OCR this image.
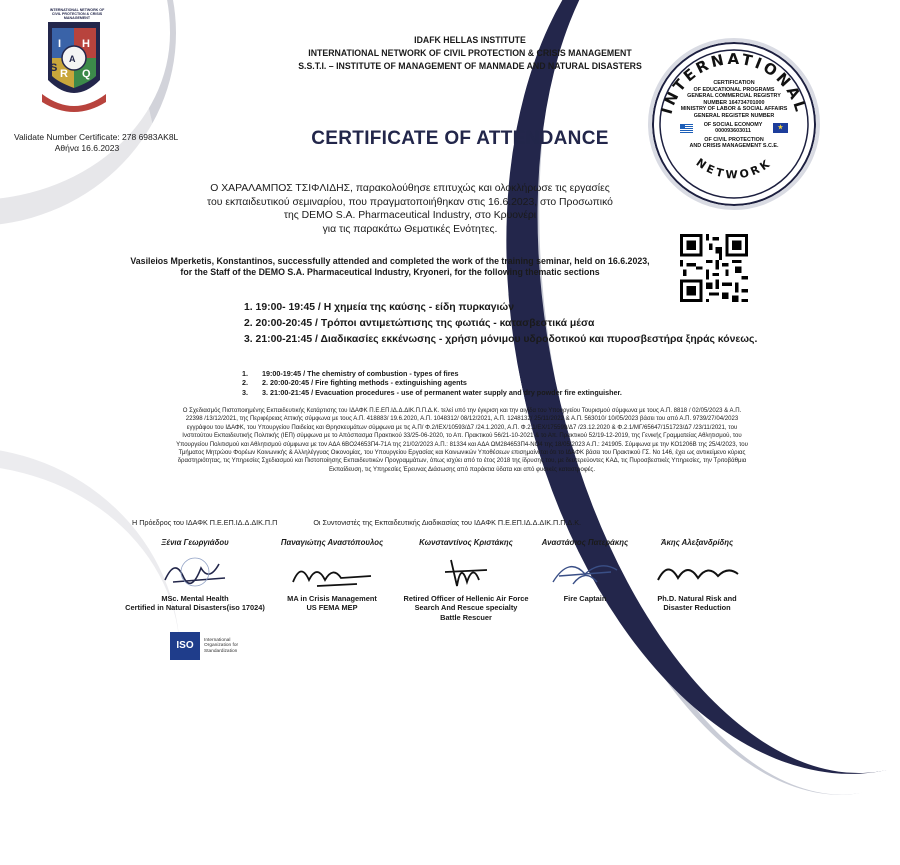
I H
S
A
R Q
INTERNATIONAL NETWORK OF CIVIL PROTECTION & CRISIS MANAGEMENT
Validate Number Certificate: 278 6983AK8L
Αθήνα 16.6.2023
IDAFK HELLAS INSTITUTE
INTERNATIONAL NETWORK OF CIVIL PROTECTION & CRISIS MANAGEMENT
S.S.T.I. – INSTITUTE OF MANAGEMENT OF MANMADE AND NATURAL DISASTERS
CERTIFICATE OF ATTENDANCE
INTERNATIONAL
NETWORK
CERTIFICATION
OF EDUCATIONAL PROGRAMS
GENERAL COMMERCIAL REGISTRY
NUMBER 164734701000
MINISTRY OF LABOR & SOCIAL AFFAIRS
GENERAL REGISTER NUMBER
OF SOCIAL ECONOMY
000093603011	★
OF CIVIL PROTECTION
AND CRISIS MANAGEMENT S.C.E.
Ο ΧΑΡΑΛΑΜΠΟΣ ΤΣΙΦΛΙΔΗΣ, παρακολούθησε επιτυχώς και ολοκλήρωσε τις εργασίες
του εκπαιδευτικού σεμιναρίου, που πραγματοποιήθηκαν στις 16.6.2023, στο Προσωπικό
της DEMO S.A. Pharmaceutical Industry, στο Κρυονέρι
για τις παρακάτω Θεματικές Ενότητες.
Vasileios Mperketis, Konstantinos, successfully attended and completed the work of the training seminar, held on 16.6.2023,
for the Staff of the DEMO S.A. Pharmaceutical Industry, Kryoneri, for the following thematic sections
1. 19:00- 19:45 / Η χημεία της καύσης - είδη πυρκαγιών
2. 20:00-20:45 / Τρόποι αντιμετώπισης της φωτιάς - κατασβεστικά μέσα
3. 21:00-21:45 / Διαδικασίες εκκένωσης - χρήση μόνιμου υδροδοτικού και πυροσβεστήρα ξηράς κόνεως.
1. 19:00-19:45 / The chemistry of combustion - types of fires
2. 2. 20:00-20:45 / Fire fighting methods - extinguishing agents
3. 3. 21:00-21:45 / Evacuation procedures - use of permanent water supply and dry powder fire extinguisher.
Ο Σχεδιασμός Πιστοποιημένης Εκπαιδευτικής Κατάρτισης του ΙΔΑΦΚ Π.Ε.ΕΠ.ΙΔ.Δ.ΔΙΚ.Π.Π.Δ.Κ. τελεί υπό την έγκριση και την αιγίδα του Υπουργείου Τουρισμού σύμφωνα με τους Α.Π. 8818 / 02/05/2023 & Α.Π. 22398 /13/12/2021, της Περιφέρειας Αττικής σύμφωνα με τους Α.Π. 418883/ 19.6.2020, Α.Π. 1048312/ 08/12/2021, Α.Π. 1248132/ 25/11/2022 & Α.Π. 563010/ 10/05/2023 βάσει του από Α.Π. 9739/27/04/2023 εγγράφου του ΙΔΑΦΚ, του Υπουργείου Παιδείας και Θρησκευμάτων σύμφωνα με τις Α.Π/ Φ.2/ΙΕΧ/10593/Δ7 /24.1.2020, Α.Π. Φ.2.1/ΕΧ/175599/Δ7 /23.12.2020 & Φ.2.1/ΜΓ/65647/151723/Δ7 /23/11/2021, του Ινστιτούτου Εκπαιδευτικής Πολιτικής (ΙΕΠ) σύμφωνα με το Απόσπασμα Πρακτικού 33/25-06-2020, το Απ. Πρακτικού 56/21-10-2021 & το Απ. Πρακτικού 52/19-12-2019, της Γενικής Γραμματείας Αθλητισμού, του Υπουργείου Πολιτισμού και Αθλητισμού σύμφωνα με τον ΑΔΑ 6ΒΟ24653Π4-71Α της 21/02/2023 Α.Π.: 81334 και ΑΔΑ ΩΜ284653Π4-ΝΟ4 της 18/05/2023 Α.Π.: 241905. Σύμφωνα με την ΚΟ1206Β της 25/4/2023, του Τμήματος Μητρώου Φορέων Κοινωνικής & Αλληλέγγυας Οικονομίας, του Υπουργείου Εργασίας και Κοινωνικών Υποθέσεων επισημαίνεται ότι το ΙΔΑΦΚ βάσει του Πρακτικού ΓΣ. Νο 146, έχει ως αντικείμενο κύριας δραστηριότητας, τις Υπηρεσίες Σχεδιασμού και Πιστοποίησης Εκπαιδευτικών Προγραμμάτων, όπως ισχύει από το έτος 2018 της ίδρυσης του, με δευτερεύοντες ΚΑΔ, τις Πυροσβεστικές Υπηρεσίες, την Τριτοβάθμια Εκπαίδευση, τις Υπηρεσίες Έρευνας Διάσωσης από παράκτια ύδατα και από φυσικές καταστροφές.
Η Πρόεδρος του ΙΔΑΦΚ Π.Ε.ΕΠ.ΙΔ.Δ.ΔΙΚ.Π.Π	Οι Συντονιστές της Εκπαιδευτικής Διαδικασίας του ΙΔΑΦΚ Π.Ε.ΕΠ.ΙΔ.Δ.ΔΙΚ.Π.Π.Δ.Κ.
Ξένια Γεωργιάδου
MSc. Mental Health
Certified in Natural Disasters(iso 17024)
Παναγιώτης Αναστόπουλος
MA in Crisis Management
US FEMA MEP
Κωνσταντίνος Κριστάκης
Retired Officer of Hellenic Air Force
Search And Rescue specialty
Battle Rescuer
Αναστάσιος Πατεράκης
Fire Captain
Άκης Αλεξανδρίδης
Ph.D. Natural Risk and
Disaster Reduction
ISO	International
Organization for
Standardization
